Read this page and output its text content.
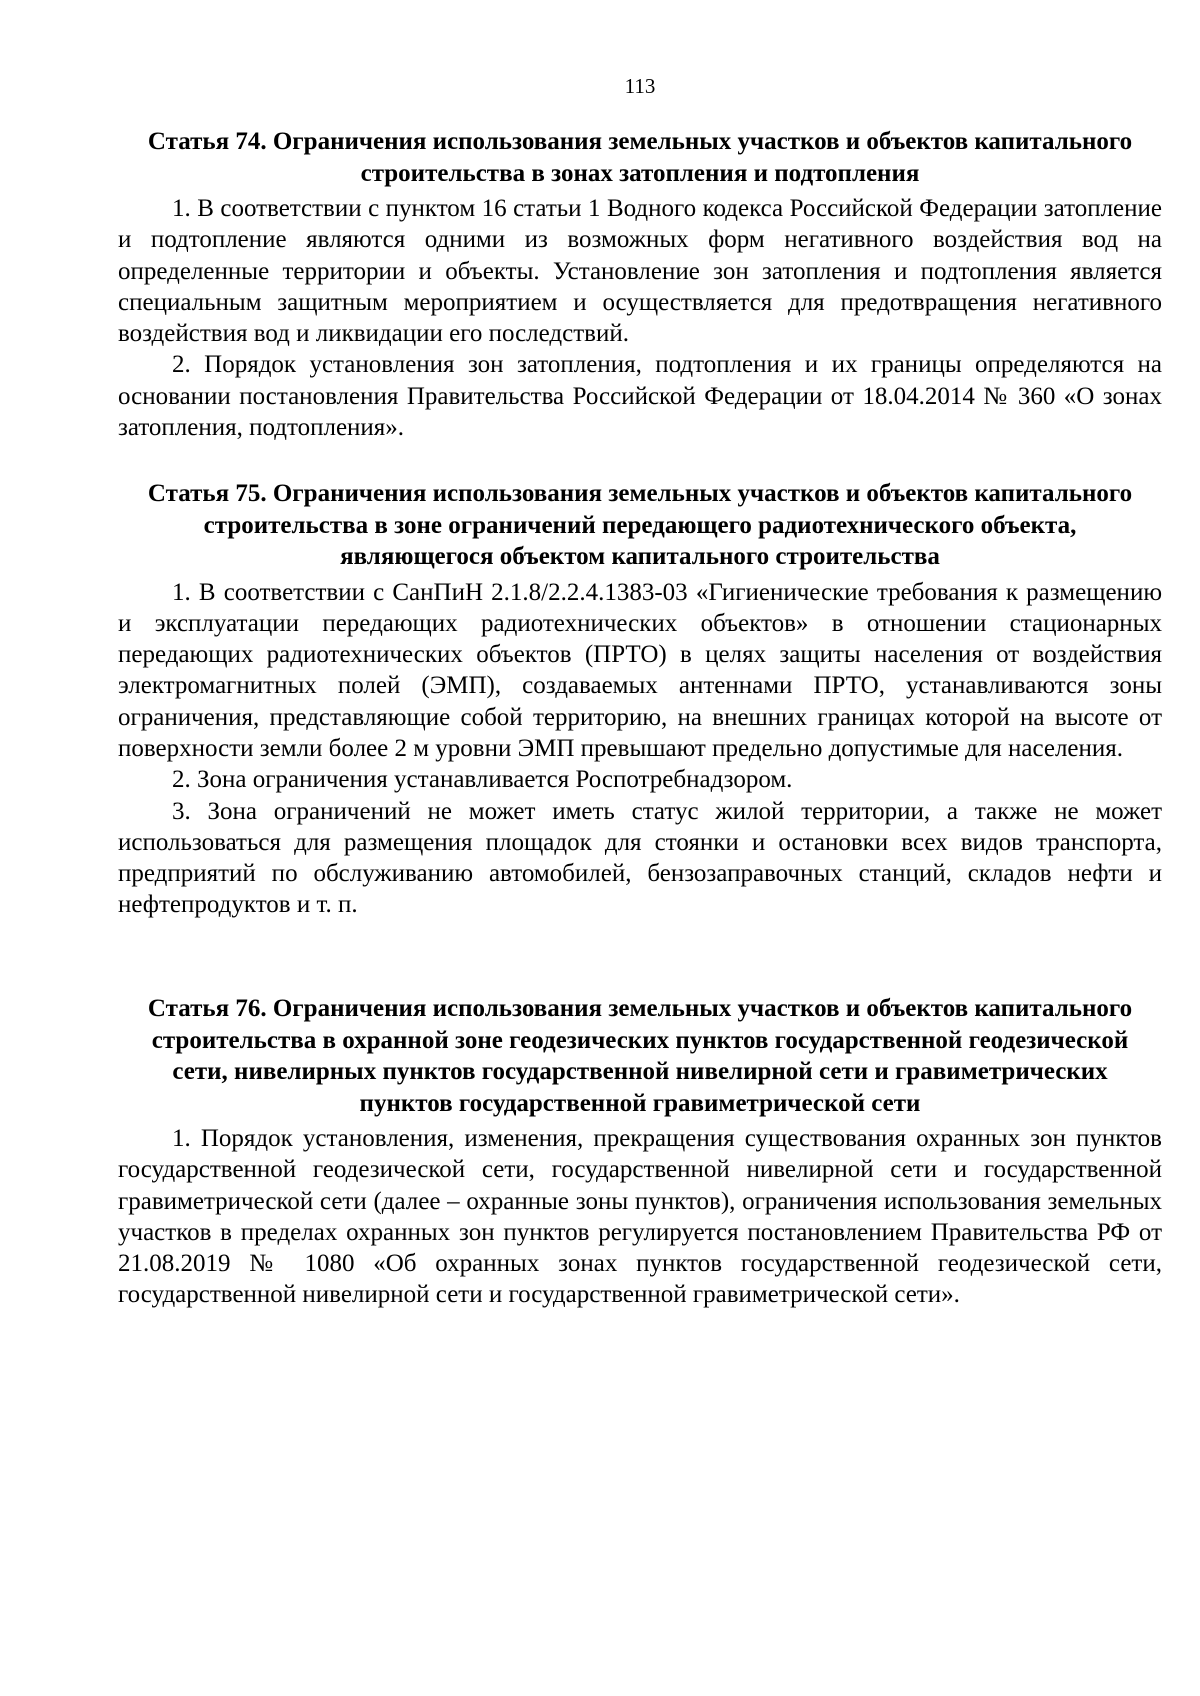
113
Статья 74. Ограничения использования земельных участков и объектов капитального строительства в зонах затопления и подтопления

1. В соответствии с пунктом 16 статьи 1 Водного кодекса Российской Федерации затопление и подтопление являются одними из возможных форм негативного воздействия вод на определенные территории и объекты. Установление зон затопления и подтопления является специальным защитным мероприятием и осуществляется для предотвращения негативного воздействия вод и ликвидации его последствий.

2. Порядок установления зон затопления, подтопления и их границы определяются на основании постановления Правительства Российской Федерации от 18.04.2014 № 360 «О зонах затопления, подтопления».

Статья 75. Ограничения использования земельных участков и объектов капитального строительства в зоне ограничений передающего радиотехнического объекта, являющегося объектом капитального строительства

1. В соответствии с СанПиН 2.1.8/2.2.4.1383-03 «Гигиенические требования к размещению и эксплуатации передающих радиотехнических объектов» в отношении стационарных передающих радиотехнических объектов (ПРТО) в целях защиты населения от воздействия электромагнитных полей (ЭМП), создаваемых антеннами ПРТО, устанавливаются зоны ограничения, представляющие собой территорию, на внешних границах которой на высоте от поверхности земли более 2 м уровни ЭМП превышают предельно допустимые для населения.

2. Зона ограничения устанавливается Роспотребнадзором.

3. Зона ограничений не может иметь статус жилой территории, а также не может использоваться для размещения площадок для стоянки и остановки всех видов транспорта, предприятий по обслуживанию автомобилей, бензозаправочных станций, складов нефти и нефтепродуктов и т. п.

Статья 76. Ограничения использования земельных участков и объектов капитального строительства в охранной зоне геодезических пунктов государственной геодезической сети, нивелирных пунктов государственной нивелирной сети и гравиметрических пунктов государственной гравиметрической сети

1. Порядок установления, изменения, прекращения существования охранных зон пунктов государственной геодезической сети, государственной нивелирной сети и государственной гравиметрической сети (далее – охранные зоны пунктов), ограничения использования земельных участков в пределах охранных зон пунктов регулируется постановлением Правительства РФ от 21.08.2019 № 1080 «Об охранных зонах пунктов государственной геодезической сети, государственной нивелирной сети и государственной гравиметрической сети».
